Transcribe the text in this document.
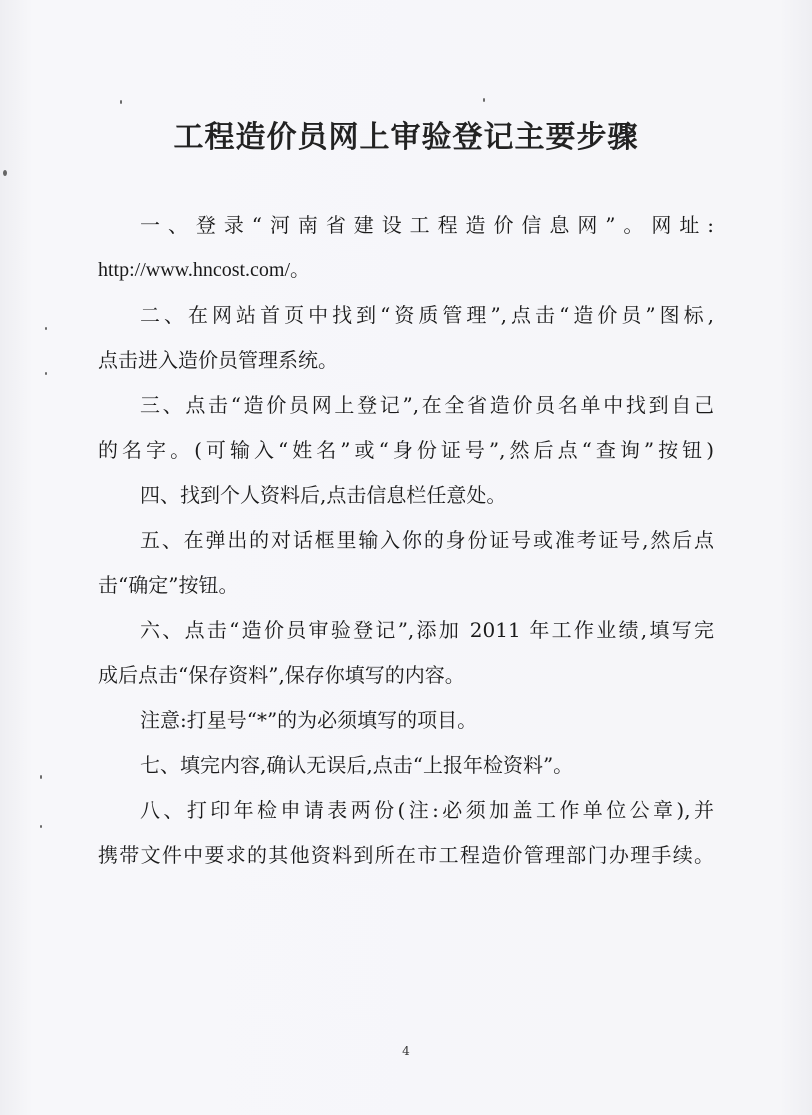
工程造价员网上审验登记主要步骤
一、登录“河南省建设工程造价信息网”。网址:
http://www.hncost.com/。
二、在网站首页中找到“资质管理”,点击“造价员”图标,
点击进入造价员管理系统。
三、点击“造价员网上登记”,在全省造价员名单中找到自己
的名字。(可输入“姓名”或“身份证号”,然后点“查询”按钮)
四、找到个人资料后,点击信息栏任意处。
五、在弹出的对话框里输入你的身份证号或准考证号,然后点
击“确定”按钮。
六、点击“造价员审验登记”,添加 2011 年工作业绩,填写完
成后点击“保存资料”,保存你填写的内容。
注意:打星号“*”的为必须填写的项目。
七、填完内容,确认无误后,点击“上报年检资料”。
八、打印年检申请表两份(注:必须加盖工作单位公章),并
携带文件中要求的其他资料到所在市工程造价管理部门办理手续。
4
